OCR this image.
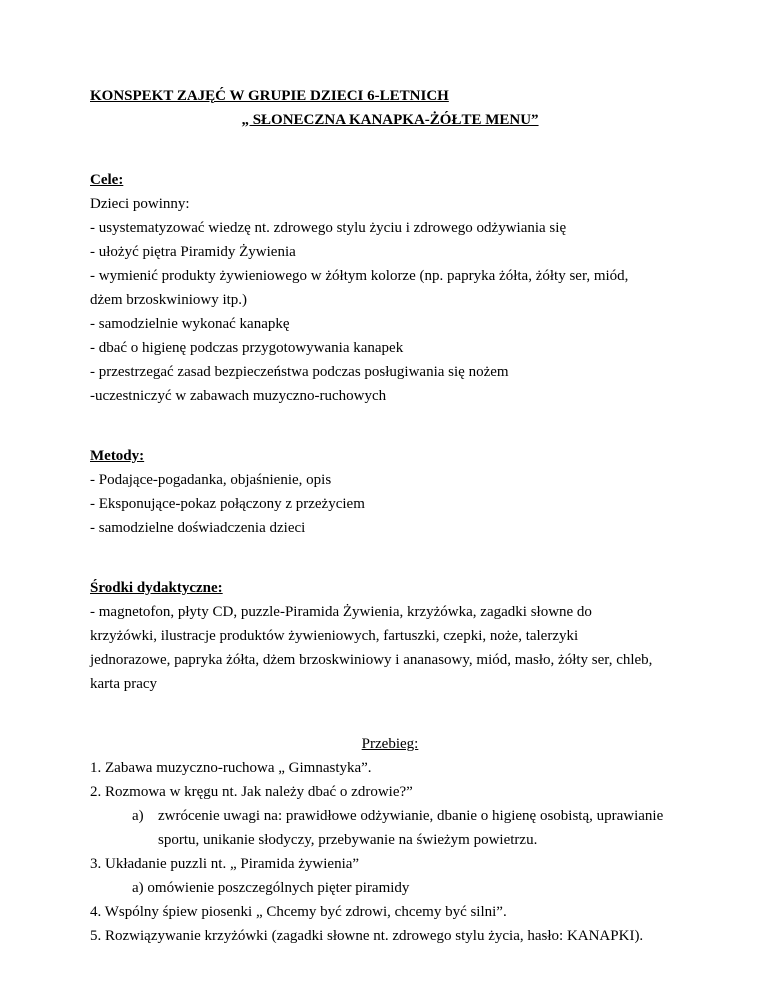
KONSPEKT ZAJĘĆ W GRUPIE DZIECI 6-LETNICH
„ SŁONECZNA KANAPKA-ŻÓŁTE MENU”
Cele:
Dzieci powinny:
- usystematyzować wiedzę nt. zdrowego stylu życiu i zdrowego odżywiania się
- ułożyć piętra Piramidy Żywienia
- wymienić produkty żywieniowego w żółtym kolorze (np. papryka żółta, żółty ser, miód,
dżem brzoskwiniowy itp.)
- samodzielnie wykonać kanapkę
- dbać o higienę podczas przygotowywania kanapek
- przestrzegać zasad bezpieczeństwa podczas posługiwania się nożem
-uczestniczyć w zabawach muzyczno-ruchowych
Metody:
- Podające-pogadanka, objaśnienie, opis
- Eksponujące-pokaz połączony z przeżyciem
- samodzielne doświadczenia dzieci
Środki dydaktyczne:
- magnetofon, płyty CD, puzzle-Piramida Żywienia, krzyżówka, zagadki słowne do
krzyżówki, ilustracje produktów żywieniowych, fartuszki, czepki, noże, talerzyki
jednorazowe, papryka żółta, dżem brzoskwiniowy i ananasowy, miód, masło, żółty ser, chleb,
karta pracy
Przebieg:
1. Zabawa muzyczno-ruchowa „ Gimnastyka”.
2. Rozmowa w kręgu nt. Jak należy dbać o zdrowie?”
a) zwrócenie uwagi na: prawidłowe odżywianie, dbanie o higienę osobistą, uprawianie
sportu, unikanie słodyczy, przebywanie na świeżym powietrzu.
3. Układanie puzzli nt. „ Piramida żywienia”
a) omówienie poszczególnych pięter piramidy
4. Wspólny śpiew piosenki „ Chcemy być zdrowi, chcemy być silni”.
5. Rozwiązywanie krzyżówki (zagadki słowne nt. zdrowego stylu życia, hasło: KANAPKI).
